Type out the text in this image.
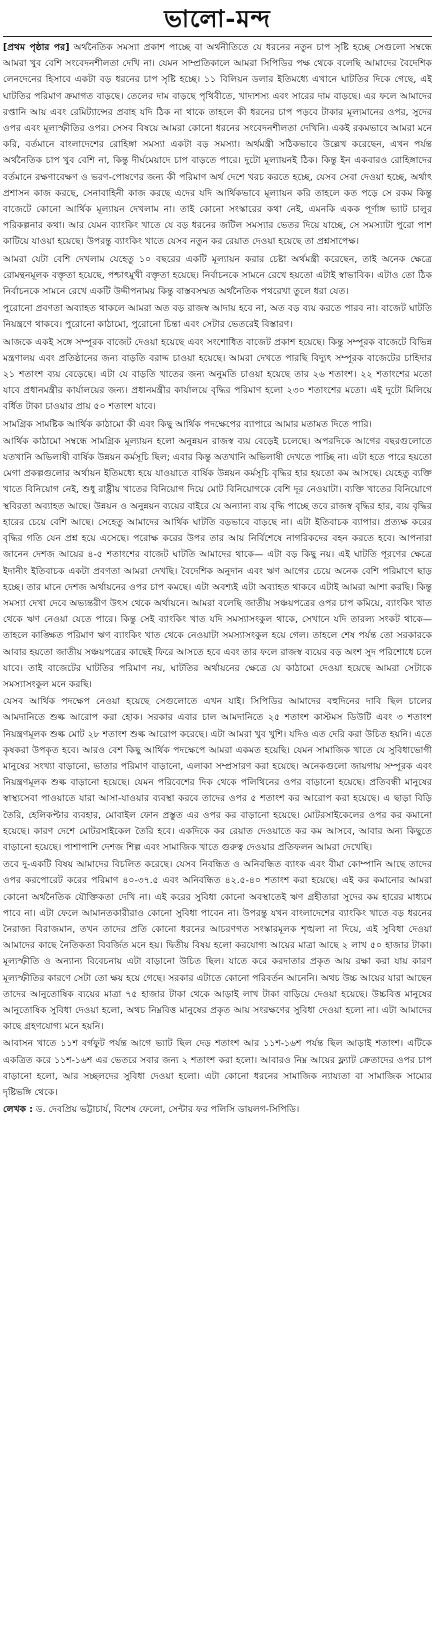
ভালো-মন্দ

[প্রথম পৃষ্ঠার পর] অর্থনৈতিক সমস্যা প্রকাশ পাচ্ছে বা অর্থনীতিতে যে ধরনের নতুন চাপ সৃষ্টি হচ্ছে সেগুলো সম্বন্ধে আমরা খুব বেশি সংবেদনশীলতা দেখি না। যেমন সাম্প্রতিকালে আমরা সিপিডির পক্ষ থেকে বলেছি আমাদের বৈদেশিক লেনদেনের হিসাবে একটা বড় ধরনের চাপ সৃষ্টি হচ্ছে। ১১ বিলিয়ন ডলার ইতিমধ্যে এখানে ঘাটতির দিকে গেছে, এই ঘাটতির পরিমাণ ক্রমাগত বাড়ছে। তেলের দাম বাড়ছে পৃথিবীতে, খাদ্যশস্য এবং সারের দাম বাড়ছে। এর ফলে আমাদের রপ্তানি আয় এবং রেমিট্যান্সের প্রবাহ যদি ঠিক না থাকে তাহলে কী ধরনের চাপ পড়বে টাকার মূল্যমানের ওপর, সুদের ওপর এবং মূল্যস্ফীতির ওপর। সেসব বিষয়ে আমরা কোনো ধরনের সংবেদনশীলতা দেখিনি। একই রকমভাবে আমরা মনে করি, বর্তমানে বাংলাদেশের রোহিঙ্গা সমস্যা একটা বড় সমস্যা। অর্থমন্ত্রী সঠিকভাবে উল্লেখ করেছেন, এখন পর্যন্ত অর্থনৈতিক চাপ খুব বেশি না, কিন্তু দীর্ঘমেয়াদে চাপ বাড়তে পারে। দুটো মূল্যায়নই ঠিক। কিন্তু ইন একবারও রোহিঙ্গাদের বর্তমানে রক্ষণাবেক্ষণ ও ভরণ-পোষণের জন্য কী পরিমাণ অর্থ দেশে খরচ করতে হচ্ছে, যেসব সেবা দেওয়া হচ্ছে, অর্থাৎ প্রশাসন কাজ করছে, সেনাবাহিনী কাজ করছে এদের যদি আর্থিকভাবে মূল্যায়ন করি তাহলে কত পড়ে সে রকম কিন্তু বাজেটে কোনো আর্থিক মূল্যায়ন দেখলাম না। তাই কোনো সংস্কারের কথা নেই, এমনকি একক পূর্ণাঙ্গ ভ্যাট চালুর পরিকল্পনার কথা। আর যেমন ব্যাংকিং খাতে যে বড় ধরনের জটিল সমস্যার ভেতর দিয়ে যাচ্ছে, সে সমস্যাটা পুরো পাশ কাটিয়ে যাওয়া হয়েছে। উপরন্তু ব্যাংকিং খাতে যেসব নতুন কর রেয়াত দেওয়া হয়েছে তা প্রশ্নসাপেক্ষ।

আমরা যেটা বেশি দেখলাম যেহেতু ১০ বছরের একটি মূল্যায়ন করার চেষ্টা অর্থমন্ত্রী করেছেন, তাই অনেক ক্ষেত্রে রোমন্থনমূলক বক্তৃতা হয়েছে, পশ্চাৎমুখী বক্তৃতা হয়েছে। নির্বাচনকে সামনে রেখে হয়তো এটাই স্বাভাবিক। এটাও তো ঠিক নির্বাচনকে সামনে রেখে একটি উদ্দীপনাময় কিন্তু বাস্তবসম্মত অর্থনৈতিক পথরেখা তুলে ধরা যেত।

পুরোনো প্রবণতা অব্যাহত থাকলে আমরা অত বড় রাজস্ব আদায় হবে না, অত বড় ব্যয় করতে পারব না। বাজেট ঘাটতি নিয়ন্ত্রণে থাকবে। পুরোনো কাঠামো, পুরোনো চিন্তা এবং সেটার ভেতরেই বিস্তারণ।

আজকে একই সঙ্গে সম্পূরক বাজেট দেওয়া হয়েছে এবং সংশোধিত বাজেট প্রকাশ হয়েছে। কিন্তু সম্পূরক বাজেটে বিভিন্ন মন্ত্রণালয় এবং প্রতিষ্ঠানের জন্য বাড়তি বরাদ্দ চাওয়া হয়েছে। আমরা দেখতে পারছি বিদ্যুৎ সম্পূরক বাজেটের চাহিদার ২১ শতাংশ ব্যয় বেড়েছে। এটা যে বাড়তি খাতের জন্য অনুমতি চাওয়া হয়েছে তার ২৬ শতাংশ। ২২ শতাংশের মতো যাবে প্রধানমন্ত্রীর কার্যালয়ের জন্য। প্রধানমন্ত্রীর কার্যালয়ে বৃদ্ধির পরিমাণ হলো ২৩০ শতাংশের মতো। এই দুটো মিলিয়ে বর্ধিত টাকা চাওয়ার প্রায় ৫০ শতাংশ যাবে।

সামগ্রিক সামষ্টিক আর্থিক কাঠামো কী এবং কিছু আর্থিক পদক্ষেপের ব্যাপারে আমার মতামত দিতে পারি।

আর্থিক কাঠামো সম্বন্ধে সামগ্রিক মূল্যায়ন হলো অনুন্নয়ন রাজস্ব ব্যয় বেড়েই চলেছে। অপরদিকে আগের বছরগুলোতে যতখানি অভিলাষী বার্ষিক উন্নয়ন কর্মসূচি ছিল; এবার কিন্তু অতখানি অভিলাষী দেখতে পাচ্ছি না। এটা হতে পারে হয়তো মেগা প্রকল্পগুলোর অর্থায়ন ইতিমধ্যে হয়ে যাওয়াতে বার্ষিক উন্নয়ন কর্মসূচি বৃদ্ধির হার হয়তো কম আসছে। যেহেতু ব্যক্তি খাতে বিনিয়োগ নেই, শুধু রাষ্ট্রীয় খাতের বিনিয়োগ দিয়ে মোট বিনিয়োগকে বেশি দূর নেওয়াটা। ব্যক্তি খাতের বিনিয়োগে স্থবিরতা অব্যাহত আছে। উন্নয়ন ও অনুন্নয়ন ব্যয়ের বাইরে যে অন্যান্য ব্যয় বৃদ্ধি পাচ্ছে তবে রাজস্ব বৃদ্ধির হার, ব্যয় বৃদ্ধির হারের চেয়ে বেশি আছে। সেহেতু আমাদের আর্থিক ঘাটতি বড়ভাবে বাড়ছে না। এটা ইতিবাচক ব্যাপার। প্রত্যক্ষ করের বৃদ্ধির গতি যেন প্রশ্ন হয়ে এসেছে। পরোক্ষ করের উপর তার আয় নির্বিশেষে নাগরিকদের বহন করতে হবে। আপনারা জানেন দেশজ আয়ের ৪-৫ শতাংশের বাজেট ঘাটতি আমাদের থাকে— এটা বড় কিছু নয়। এই ঘাটতি পূরণের ক্ষেত্রে ইদানীং ইতিবাচক একটা প্রবণতা আমরা দেখছি। বৈদেশিক অনুদান এবং ঋণ আগের চেয়ে অনেক বেশি পরিমাণে ছাড় হচ্ছে। তার মানে দেশজ অর্থায়নের ওপর চাপ কমছে। এটা অবশ্যই এটা অব্যাহত থাকবে এটাই আমরা আশা করছি। কিন্তু সমস্যা দেখা দেবে অভ্যন্তরীণ উৎস থেকে অর্থায়নে। আমরা বলেছি জাতীয় সঞ্চয়পত্রের ওপর চাপ কমিয়ে, ব্যাংকিং খাত থেকে ঋণ নেওয়া যেতে পারে। কিন্তু সেই ব্যাংকিং খাত যদি সমস্যাসংকুল থাকে, সেখানে যদি তারল্য সংকট থাকে— তাহলে কাঙ্ক্ষিত পরিমাণ ঋণ ব্যাংকিং খাত থেকে নেওয়াটা সমস্যাসংকুল হয়ে গেল। তাহলে শেষ পর্যন্ত তো সরকারকে আবার হয়তো জাতীয় সঞ্চয়পত্রের কাছেই ফিরে আসতে হবে এবং তার ফলে রাজস্ব ব্যয়ের বড় অংশ সুদ পরিশোধে চলে যাবে। তাই বাজেটের ঘাটতির পরিমাণ নয়, ঘাটতির অর্থায়নের ক্ষেত্রে যে কাঠামো দেওয়া হয়েছে আমরা সেটাকে সমস্যাসংকুল মনে করছি।

যেসব আর্থিক পদক্ষেপ নেওয়া হয়েছে সেগুলোতে এখন যাই। সিপিডির আমাদের বহুদিনের দাবি ছিল চালের আমদানিতে শুল্ক আরোপ করা হোক। সরকার এবার চাল আমদানিতে ২৫ শতাংশ কাস্টমস ডিউটি এবং ৩ শতাংশ নিয়ন্ত্রণমূলক শুল্ক মোট ২৮ শতাংশ শুল্ক আরোপ করেছে। এটা আমরা খুব খুশি। যদিও এত দেরি করা উচিত হয়নি। এতে কৃষকরা উপকৃত হবে। আরও বেশ কিছু আর্থিক পদক্ষেপে আমরা একমত হয়েছি। যেমন সামাজিক খাতে যে সুবিধাভোগী মানুষের সংখ্যা বাড়ানো, ভাতার পরিমাণ বাড়ানো, এলাকা সম্প্রসারণ করা হয়েছে। অনেকগুলো জায়গায় সম্পূরক এবং নিয়ন্ত্রণমূলক শুল্ক বাড়ানো হয়েছে। যেমন পরিবেশের দিক থেকে পলিথিনের ওপর বাড়ানো হয়েছে। প্রতিবন্ধী মানুষের স্বাস্থ্যসেবা পাওয়াতে যারা আসা-যাওয়ার ব্যবস্থা করবে তাদের ওপর ৫ শতাংশ কর আরোপ করা হয়েছে। এ ছাড়া বিড়ি তৈরি, হেলিকপ্টার ব্যবহার, মোবাইল ফোন প্রস্তুত এর ওপর কর বাড়ানো হয়েছে। মোটরসাইকেলের ওপর কর কমানো হয়েছে। কারণ দেশে মোটরসাইকেল তৈরি হবে। একদিকে কর রেয়াত দেওয়াতে কর কম আসবে, আবার অন্য কিছুতে বাড়ানো হয়েছে। পাশাপাশি দেশজ শিল্প এবং সামাজিক খাতে গুরুত্ব দেওয়ার প্রতিফলন আমরা দেখেছি।

তবে দু-একটি বিষয় আমাদের বিচলিত করেছে। যেসব নিবন্ধিত ও অনিবন্ধিত ব্যাংক এবং বীমা কোম্পানি আছে তাদের ওপর করপোরেট করের পরিমাণ ৪০-৩৭.৫ এবং অনিবন্ধিত ৪২.৫-৪০ শতাংশ করা হয়েছে। এই কর কমানোর আমরা কোনো অর্থনৈতিক যৌক্তিকতা দেখি না। এই করের সুবিধা কোনো অবস্থাতেই ঋণ গ্রহীতারা সুদের কম হারের মাধ্যমে পাবে না। এটা ফেলে আমানতকারীরাও কোনো সুবিধা পাবেন না। উপরন্তু যখন বাংলাদেশের ব্যাংকিং খাতে বড় ধরনের নৈরাজ্য বিরাজমান, তখন তাদের প্রতি কোনো ধরনের আচরণগত সংস্কারমূলক শৃঙ্খলা না দিয়ে, এই সুবিধা দেওয়া আমাদের কাছে নৈতিকতা বিবর্জিত মনে হয়। দ্বিতীয় বিষয় হলো করযোগ্য আয়ের মাত্রা আছে ২ লাখ ৫০ হাজার টাকা। মূল্যস্ফীতি ও অন্যান্য বিবেচনায় এটা বাড়ানো উচিত ছিল। যাতে করে করদাতার প্রকৃত আয় রক্ষা করা যায় কারণ মূল্যস্ফীতির কারণে সেটা তো ক্ষয় হয়ে গেছে। সরকার এটাতে কোনো পরিবর্তন আনেনি। অথচ উচ্চ আয়ের যারা আছেন তাদের আনুতোষিক ব্যয়ের মাত্রা ৭৫ হাজার টাকা থেকে আড়াই লাখ টাকা বাড়িয়ে দেওয়া হয়েছে। উচ্চবিত্ত মানুষের আনুতোষিক সুবিধা দেওয়া হলো, অথচ নিম্নবিত্ত মানুষের প্রকৃত আয় সংরক্ষণের সুবিধা দেওয়া হলো না। এটা আমাদের কাছে গ্রহণযোগ্য মনে হয়নি।

আবাসন খাতে ১১শ বর্গফুট পর্যন্ত আগে ভ্যাট ছিল দেড় শতাংশ আর ১১শ-১৬শ পর্যন্ত ছিল আড়াই শতাংশ। এটিকে একত্রিত করে ১১শ-১৬শ এর ভেতরে সবার জন্য ২ শতাংশ করা হলো। আবারও নিম্ন আয়ের ফ্ল্যাট ক্রেতাদের ওপর চাপ বাড়ানো হলো, আর সচ্ছলদের সুবিধা দেওয়া হলো। এটা কোনো ধরনের সামাজিক ন্যায্যতা বা সামাজিক সাম্যের দৃষ্টিভঙ্গি থেকে।

লেখক : ড. দেবপ্রিয় ভট্টাচার্য, বিশেষ ফেলো, সেন্টার ফর পলিসি ডায়লগ-সিপিডি।
